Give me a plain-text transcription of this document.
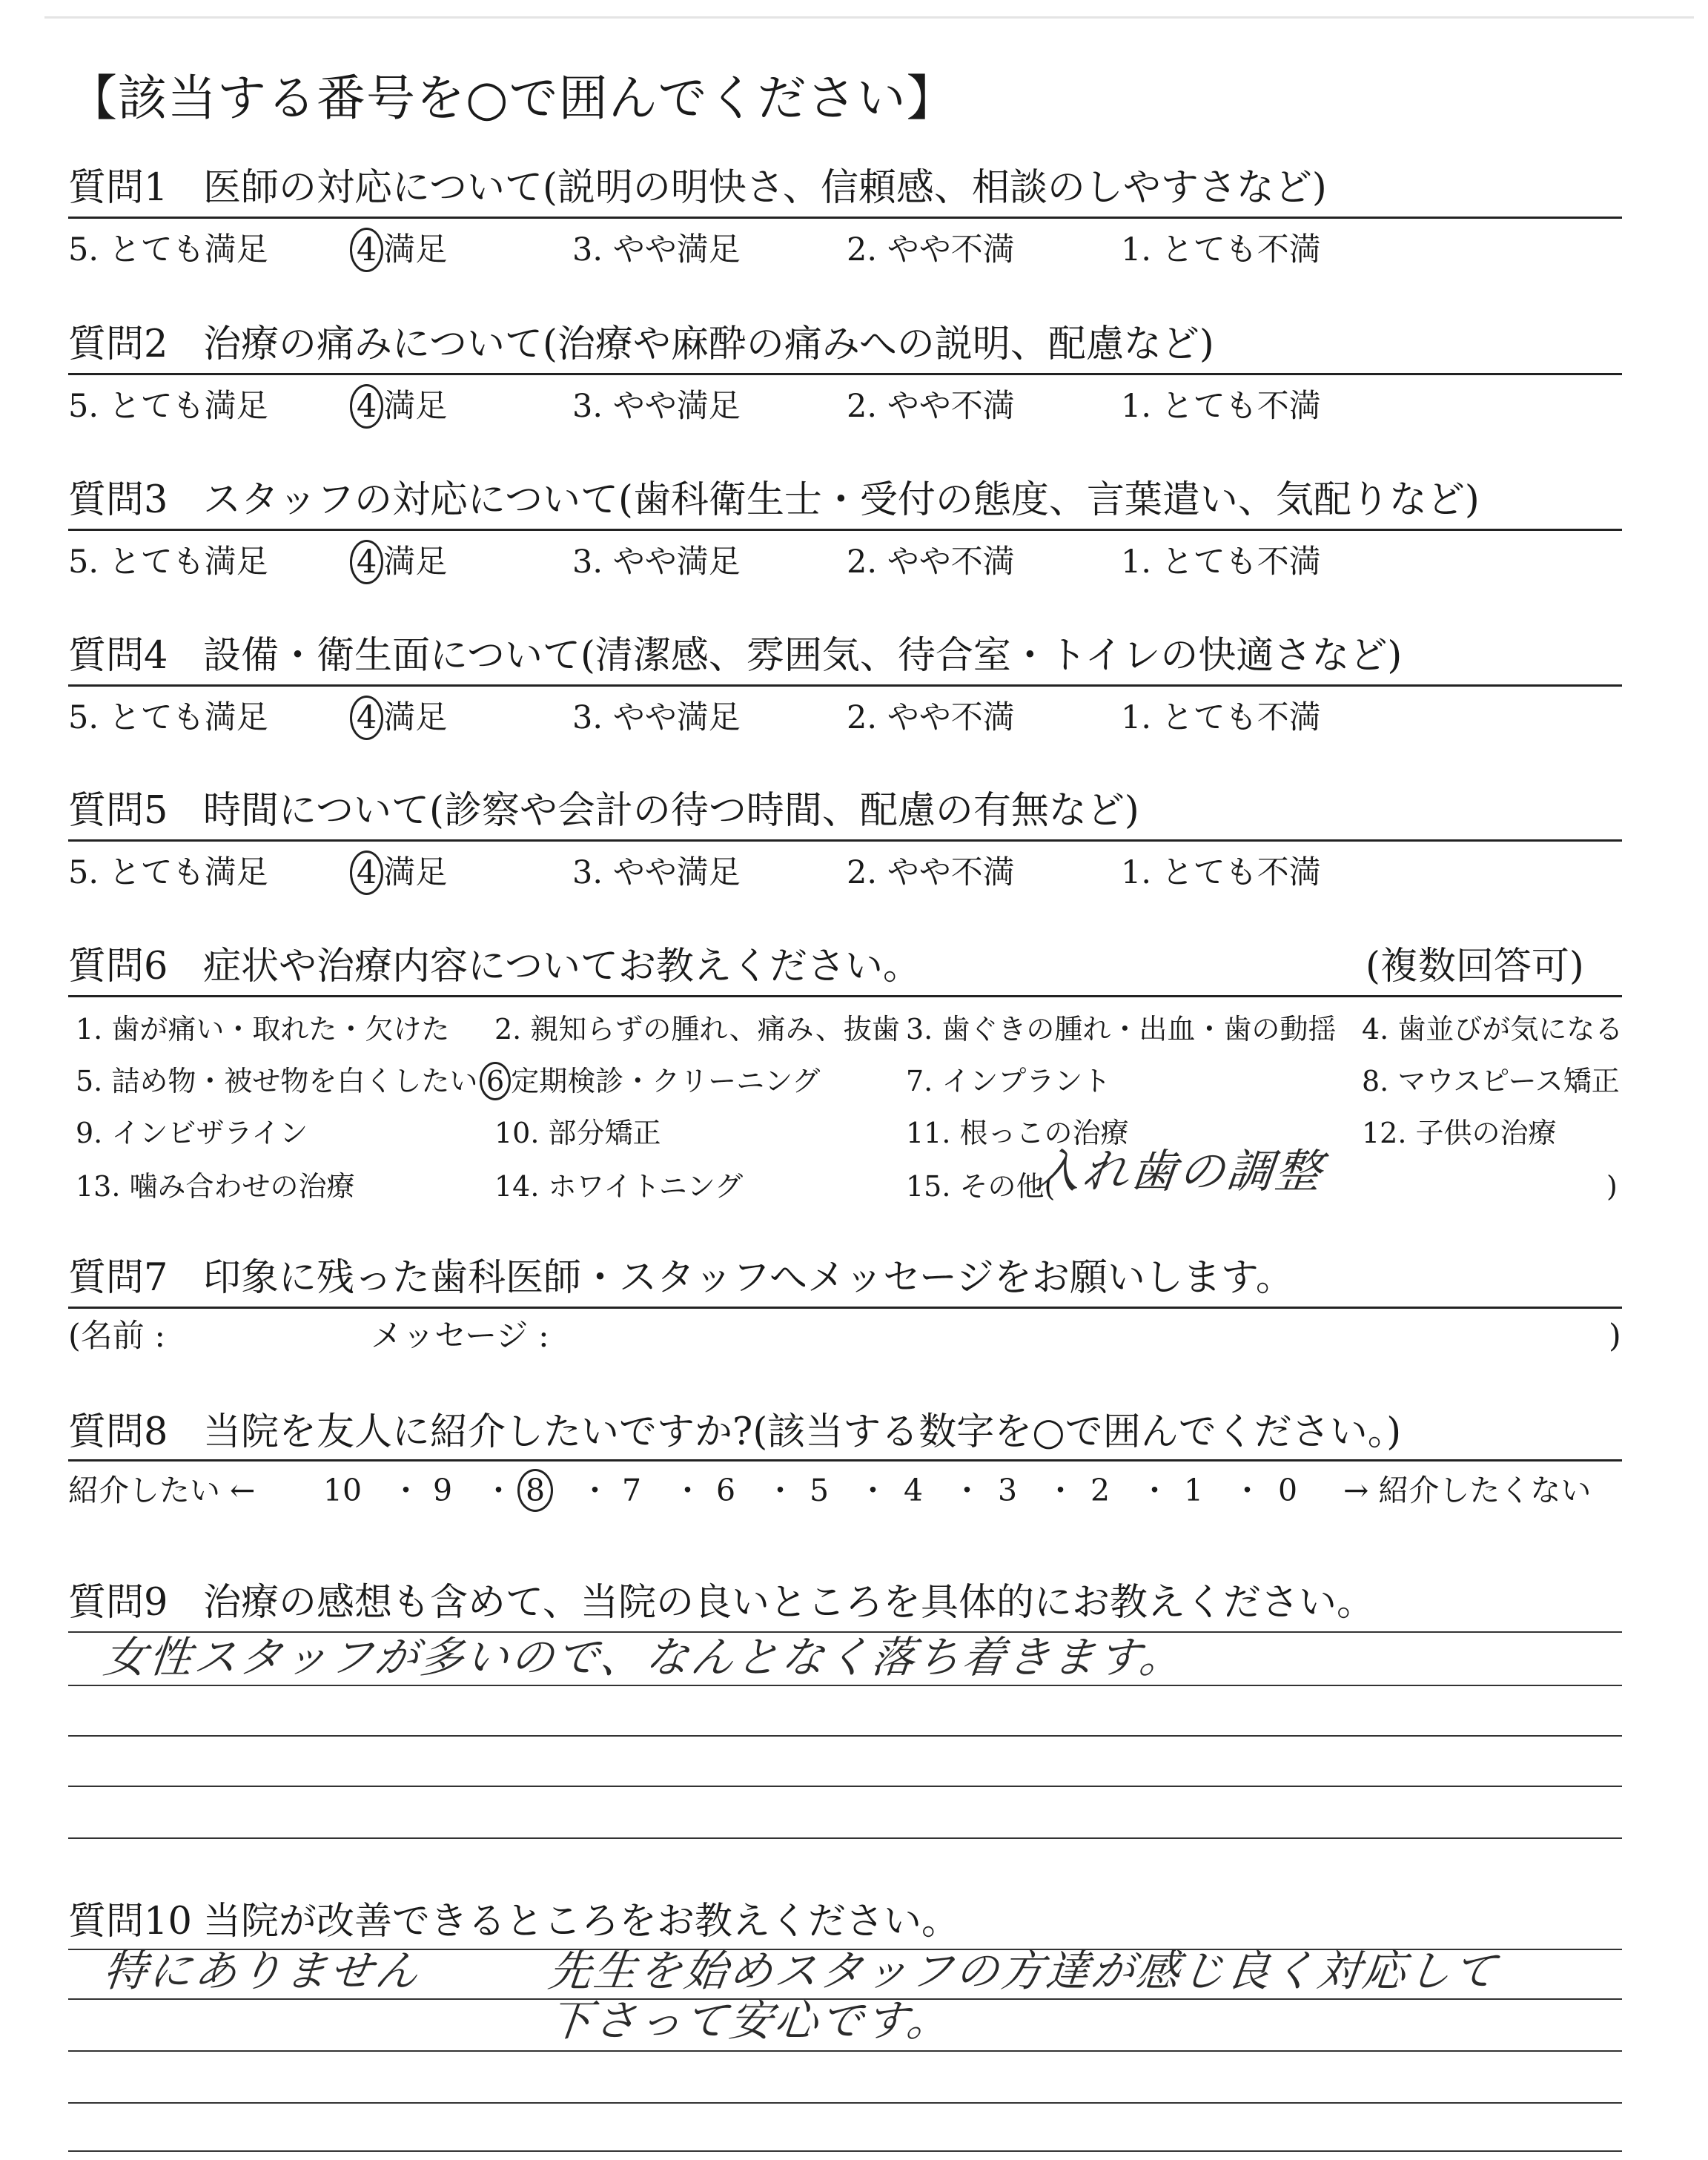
【該当する番号を○で囲んでください】
質問1 医師の対応について(説明の明快さ、信頼感、相談のしやすさなど)
5. とても満足	4 満足	3. やや満足	2. やや不満	1. とても不満
質問2 治療の痛みについて(治療や麻酔の痛みへの説明、配慮など)
5. とても満足	4 満足	3. やや満足	2. やや不満	1. とても不満
質問3 スタッフの対応について(歯科衛生士・受付の態度、言葉遣い、気配りなど)
5. とても満足	4 満足	3. やや満足	2. やや不満	1. とても不満
質問4 設備・衛生面について(清潔感、雰囲気、待合室・トイレの快適さなど)
5. とても満足	4 満足	3. やや満足	2. やや不満	1. とても不満
質問5 時間について(診察や会計の待つ時間、配慮の有無など)
5. とても満足	4 満足	3. やや満足	2. やや不満	1. とても不満
質問6 症状や治療内容についてお教えください。	(複数回答可)
1. 歯が痛い・取れた・欠けた 2. 親知らずの腫れ、痛み、抜歯 3. 歯ぐきの腫れ・出血・歯の動揺 4. 歯並びが気になる
5. 詰め物・被せ物を白くしたい 6 定期検診・クリーニング	7. インプラント	8. マウスピース矯正
9. インビザライン	10. 部分矯正	11. 根っこの治療	12. 子供の治療
13. 噛み合わせの治療	14. ホワイトニング	15. その他(	)
入れ歯の調整
質問7 印象に残った歯科医師・スタッフへメッセージをお願いします。
(名前 :	メッセージ :	)
質問8 当院を友人に紹介したいですか?(該当する数字を○で囲んでください。)
紹介したい ← 10 ・ 9	・ 8	・ 7	・ 6 ・ 5 ・ 4 ・ 3 ・ 2 ・ 1 ・ 0	→ 紹介したくない
質問9 治療の感想も含めて、当院の良いところを具体的にお教えください。
女性スタッフが多いので、なんとなく落ち着きます。
質問10 当院が改善できるところをお教えください。
特にありません	先生を始めスタッフの方達が感じ良く対応して
下さって安心です。
